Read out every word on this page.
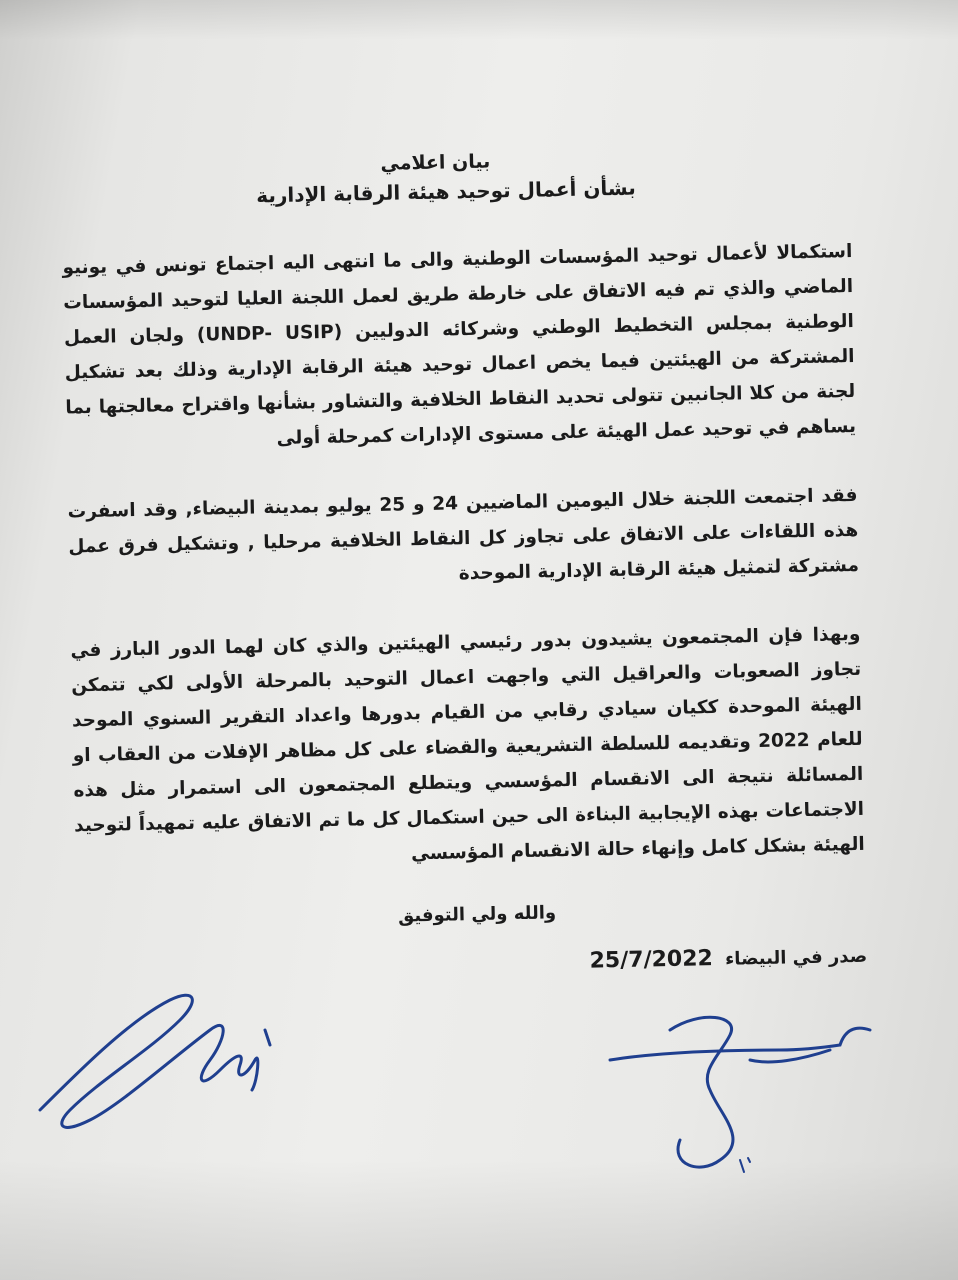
بيان اعلامي

بشأن أعمال توحيد هيئة الرقابة الإدارية

استكمالا لأعمال توحيد المؤسسات الوطنية والى ما انتهى اليه اجتماع تونس في يونيو الماضي والذي تم فيه الاتفاق على خارطة طريق لعمل اللجنة العليا لتوحيد المؤسسات الوطنية بمجلس التخطيط الوطني وشركائه الدوليين (UNDP- USIP) ولجان العمل المشتركة من الهيئتين فيما يخص اعمال توحيد هيئة الرقابة الإدارية وذلك بعد تشكيل لجنة من كلا الجانبين تتولى تحديد النقاط الخلافية والتشاور بشأنها واقتراح معالجتها بما يساهم في توحيد عمل الهيئة على مستوى الإدارات كمرحلة أولى

فقد اجتمعت اللجنة خلال اليومين الماضيين 24 و 25 يوليو بمدينة البيضاء, وقد اسفرت هذه اللقاءات على الاتفاق على تجاوز كل النقاط الخلافية مرحليا , وتشكيل فرق عمل مشتركة لتمثيل هيئة الرقابة الإدارية الموحدة

وبهذا فإن المجتمعون يشيدون بدور رئيسي الهيئتين والذي كان لهما الدور البارز في تجاوز الصعوبات والعراقيل التي واجهت اعمال التوحيد بالمرحلة الأولى لكي تتمكن الهيئة الموحدة ككيان سيادي رقابي من القيام بدورها واعداد التقرير السنوي الموحد للعام 2022 وتقديمه للسلطة التشريعية والقضاء على كل مظاهر الإفلات من العقاب او المسائلة نتيجة الى الانقسام المؤسسي ويتطلع المجتمعون الى استمرار مثل هذه الاجتماعات بهذه الإيجابية البناءة الى حين استكمال كل ما تم الاتفاق عليه تمهيداً لتوحيد الهيئة بشكل كامل وإنهاء حالة الانقسام المؤسسي

والله ولي التوفيق

صدر في البيضاء 25/7/2022
